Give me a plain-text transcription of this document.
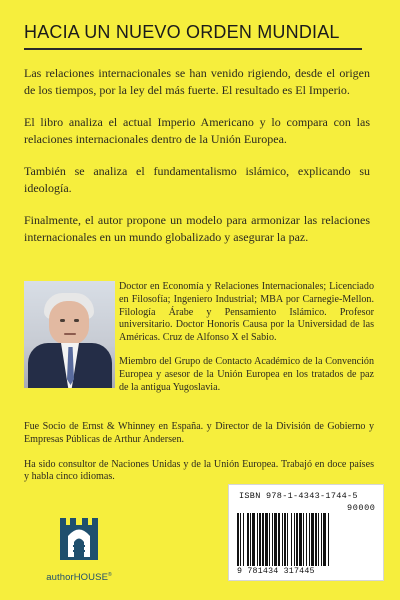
HACIA UN NUEVO ORDEN MUNDIAL

Las relaciones internacionales se han venido rigiendo, desde el origen de los tiempos, por la ley del más fuerte. El resultado es El Imperio.

El libro analiza el actual Imperio Americano y lo compara con las relaciones internacionales dentro de la Unión Europea.

También se analiza el fundamentalismo islámico, explicando su ideología.

Finalmente, el autor propone un modelo para armonizar las relaciones internacionales en un mundo globalizado y asegurar la paz.

Doctor en Economía y Relaciones Internacionales; Licenciado en Filosofía; Ingeniero Industrial; MBA por Carnegie-Mellon. Filología Árabe y Pensamiento Islámico. Profesor universitario. Doctor Honoris Causa por la Universidad de las Américas. Cruz de Alfonso X el Sabio.

Miembro del Grupo de Contacto Académico de la Convención Europea y asesor de la Unión Europea en los tratados de paz de la antigua Yugoslavia.

Fue Socio de Ernst & Whinney en España. y Director de la División de Gobierno y Empresas Públicas de Arthur Andersen.

Ha sido consultor de Naciones Unidas y de la Unión Europea. Trabajó en doce países y habla cinco idiomas.

authorHOUSE®
ISBN 978-1-4343-1744-5
90000
9 781434 317445
